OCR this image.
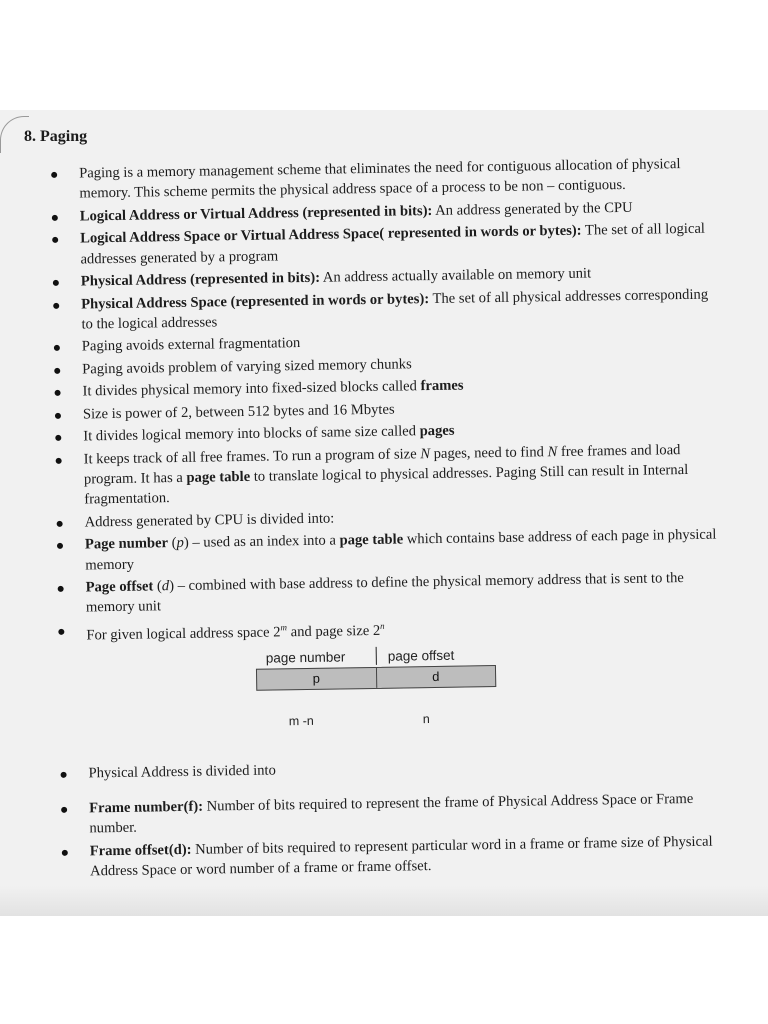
8. Paging
Paging is a memory management scheme that eliminates the need for contiguous allocation of physical memory. This scheme permits the physical address space of a process to be non – contiguous.
Logical Address or Virtual Address (represented in bits): An address generated by the CPU
Logical Address Space or Virtual Address Space( represented in words or bytes): The set of all logical addresses generated by a program
Physical Address (represented in bits): An address actually available on memory unit
Physical Address Space (represented in words or bytes): The set of all physical addresses corresponding to the logical addresses
Paging avoids external fragmentation
Paging avoids problem of varying sized memory chunks
It divides physical memory into fixed-sized blocks called frames
Size is power of 2, between 512 bytes and 16 Mbytes
It divides logical memory into blocks of same size called pages
It keeps track of all free frames. To run a program of size N pages, need to find N free frames and load program. It has a page table to translate logical to physical addresses. Paging Still can result in Internal fragmentation.
Address generated by CPU is divided into:
Page number (p) – used as an index into a page table which contains base address of each page in physical memory
Page offset (d) – combined with base address to define the physical memory address that is sent to the memory unit
For given logical address space 2$^m$ and page size 2$^n$
page number	page offset
p	d
m -n	n
Physical Address is divided into
Frame number(f): Number of bits required to represent the frame of Physical Address Space or Frame number.
Frame offset(d): Number of bits required to represent particular word in a frame or frame size of Physical Address Space or word number of a frame or frame offset.
